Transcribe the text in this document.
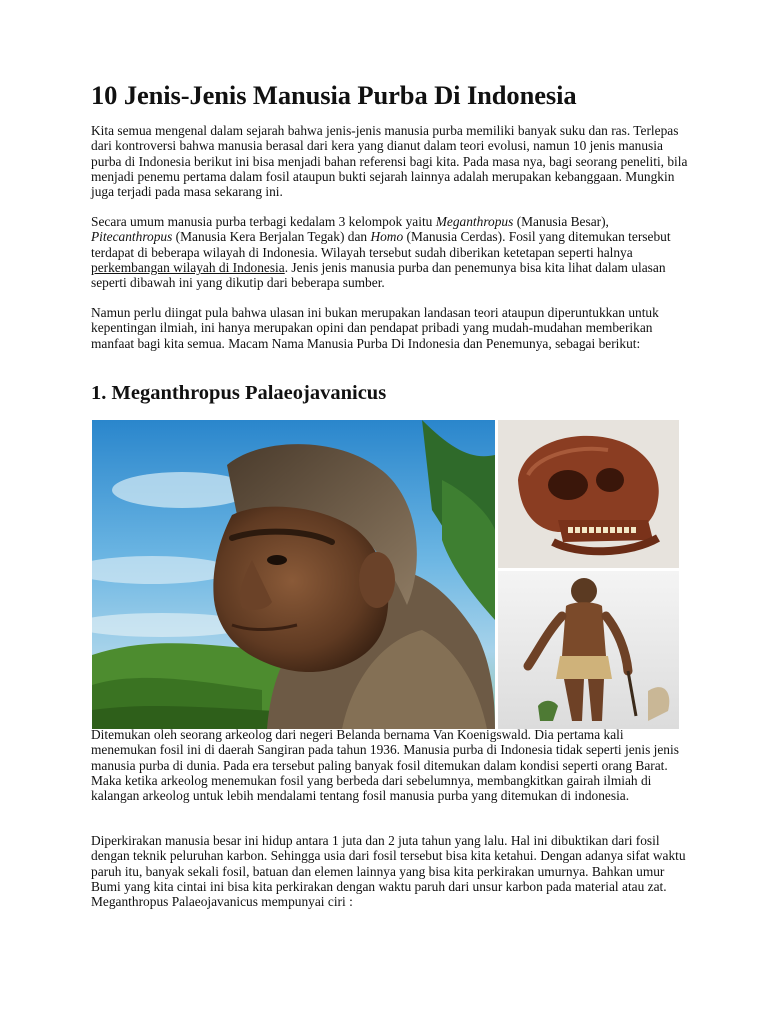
10 Jenis-Jenis Manusia Purba Di Indonesia

Kita semua mengenal dalam sejarah bahwa jenis-jenis manusia purba memiliki banyak suku dan ras. Terlepas dari kontroversi bahwa manusia berasal dari kera yang dianut dalam teori evolusi, namun 10 jenis manusia purba di Indonesia berikut ini bisa menjadi bahan referensi bagi kita. Pada masa nya, bagi seorang peneliti, bila menjadi penemu pertama dalam fosil ataupun bukti sejarah lainnya adalah merupakan kebanggaan. Mungkin juga terjadi pada masa sekarang ini.

Secara umum manusia purba terbagi kedalam 3 kelompok yaitu Meganthropus (Manusia Besar), Pitecanthropus (Manusia Kera Berjalan Tegak) dan Homo (Manusia Cerdas). Fosil yang ditemukan tersebut terdapat di beberapa wilayah di Indonesia. Wilayah tersebut sudah diberikan ketetapan seperti halnya perkembangan wilayah di Indonesia. Jenis jenis manusia purba dan penemunya bisa kita lihat dalam ulasan seperti dibawah ini yang dikutip dari beberapa sumber.

Namun perlu diingat pula bahwa ulasan ini bukan merupakan landasan teori ataupun diperuntukkan untuk kepentingan ilmiah, ini hanya merupakan opini dan pendapat pribadi yang mudah-mudahan memberikan manfaat bagi kita semua. Macam Nama Manusia Purba Di Indonesia dan Penemunya, sebagai berikut:

1. Meganthropus Palaeojavanicus

Ditemukan oleh seorang arkeolog dari negeri Belanda bernama Van Koenigswald. Dia pertama kali menemukan fosil ini di daerah Sangiran pada tahun 1936. Manusia purba di Indonesia tidak seperti jenis jenis manusia purba di dunia. Pada era tersebut paling banyak fosil ditemukan dalam kondisi seperti orang Barat. Maka ketika arkeolog menemukan fosil yang berbeda dari sebelumnya, membangkitkan gairah ilmiah di kalangan arkeolog untuk lebih mendalami tentang fosil manusia purba yang ditemukan di indonesia.

Diperkirakan manusia besar ini hidup antara 1 juta dan 2 juta tahun yang lalu. Hal ini dibuktikan dari fosil dengan teknik peluruhan karbon. Sehingga usia dari fosil tersebut bisa kita ketahui. Dengan adanya sifat waktu paruh itu, banyak sekali fosil, batuan dan elemen lainnya yang bisa kita perkirakan umurnya. Bahkan umur Bumi yang kita cintai ini bisa kita perkirakan dengan waktu paruh dari unsur karbon pada material atau zat. Meganthropus Palaeojavanicus mempunyai ciri :
